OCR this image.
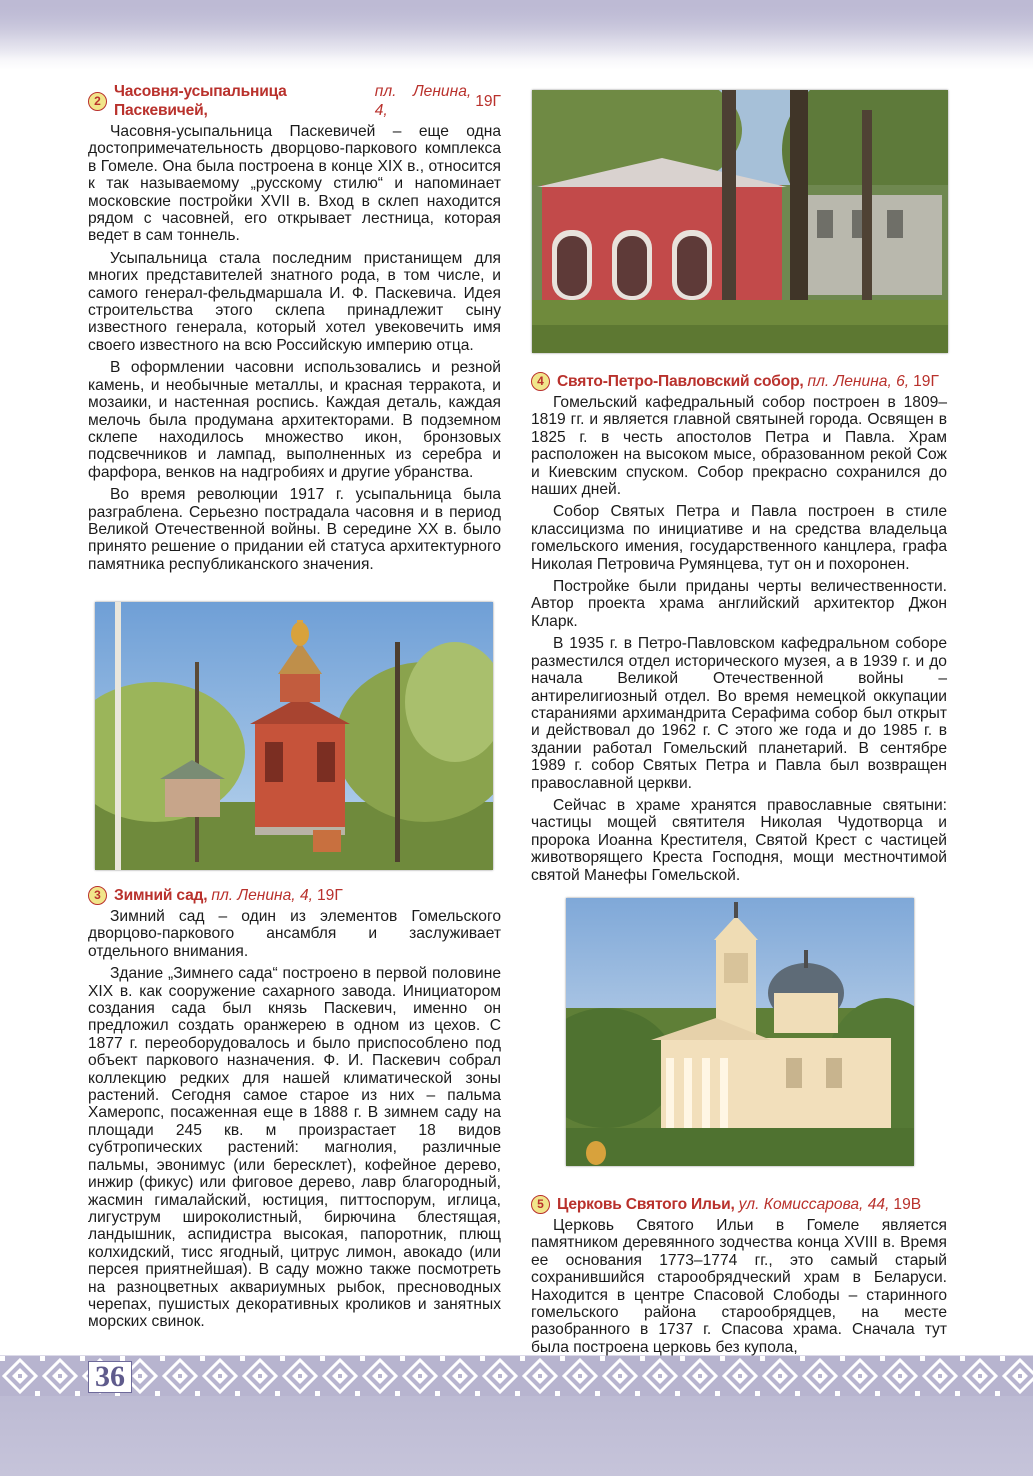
2
Часовня-усыпальница Паскевичей,
пл. Ленина, 4,
19Г

Часовня-усыпальница Паскевичей – еще одна достопримечательность дворцово-паркового комплекса в Гомеле. Она была построена в конце XIX в., относится к так называемому „русскому стилю“ и напоминает московские постройки XVII в. Вход в склеп находится рядом с часовней, его открывает лестница, которая ведет в сам тоннель.

Усыпальница стала последним пристанищем для многих представителей знатного рода, в том числе, и самого генерал-фельдмаршала И. Ф. Паскевича. Идея строительства этого склепа принадлежит сыну известного генерала, который хотел увековечить имя своего известного на всю Российскую империю отца.

В оформлении часовни использовались и резной камень, и необычные металлы, и красная терракота, и мозаики, и настенная роспись. Каждая деталь, каждая мелочь была продумана архитекторами. В подземном склепе находилось множество икон, бронзовых подсвечников и лампад, выполненных из серебра и фарфора, венков на надгробиях и другие убранства.

Во время революции 1917 г. усыпальница была разграблена. Серьезно пострадала часовня и в период Великой Отечественной войны. В середине XX в. было принято решение о придании ей статуса архитектурного памятника республиканского значения.

3 Зимний сад, пл. Ленина, 4, 19Г

Зимний сад – один из элементов Гомельского дворцово-паркового ансамбля и заслуживает отдельного внимания.

Здание „Зимнего сада“ построено в первой половине XIX в. как сооружение сахарного завода. Инициатором создания сада был князь Паскевич, именно он предложил создать оранжерею в одном из цехов. С 1877 г. переоборудовалось и было приспособлено под объект паркового назначения. Ф. И. Паскевич собрал коллекцию редких для нашей климатической зоны растений. Сегодня самое старое из них – пальма Хамеропс, посаженная еще в 1888 г. В зимнем саду на площади 245 кв. м произрастает 18 видов субтропических растений: магнолия, различные пальмы, эвонимус (или бересклет), кофейное дерево, инжир (фикус) или фиговое дерево, лавр благородный, жасмин гималайский, юстиция, питтоспорум, иглица, лигуструм широколистный, бирючина блестящая, ландышник, аспидистра высокая, папоротник, плющ колхидский, тисс ягодный, цитрус лимон, авокадо (или персея приятнейшая). В саду можно также посмотреть на разноцветных аквариумных рыбок, пресноводных черепах, пушистых декоративных кроликов и занятных морских свинок.

4 Свято-Петро-Павловский собор, пл. Ленина, 6, 19Г

Гомельский кафедральный собор построен в 1809–1819 гг. и является главной святыней города. Освящен в 1825 г. в честь апостолов Петра и Павла. Храм расположен на высоком мысе, образованном рекой Сож и Киевским спуском. Собор прекрасно сохранился до наших дней.

Собор Святых Петра и Павла построен в стиле классицизма по инициативе и на средства владельца гомельского имения, государственного канцлера, графа Николая Петровича Румянцева, тут он и похоронен.

Постройке были приданы черты величественности. Автор проекта храма английский архитектор Джон Кларк.

В 1935 г. в Петро-Павловском кафедральном соборе разместился отдел исторического музея, а в 1939 г. и до начала Великой Отечественной войны – антирелигиозный отдел. Во время немецкой оккупации стараниями архимандрита Серафима собор был открыт и действовал до 1962 г. С этого же года и до 1985 г. в здании работал Гомельский планетарий. В сентябре 1989 г. собор Святых Петра и Павла был возвращен православной церкви.

Сейчас в храме хранятся православные святыни: частицы мощей святителя Николая Чудотворца и пророка Иоанна Крестителя, Святой Крест с частицей животворящего Креста Господня, мощи местночтимой святой Манефы Гомельской.

5 Церковь Святого Ильи, ул. Комиссарова, 44, 19В

Церковь Святого Ильи в Гомеле является памятником деревянного зодчества конца XVIII в. Время ее основания 1773–1774 гг., это самый старый сохранившийся старообрядческий храм в Беларуси. Находится в центре Спасовой Слободы – старинного гомельского района старообрядцев, на месте разобранного в 1737 г. Спасова храма. Сначала тут была построена церковь без купола,

36
